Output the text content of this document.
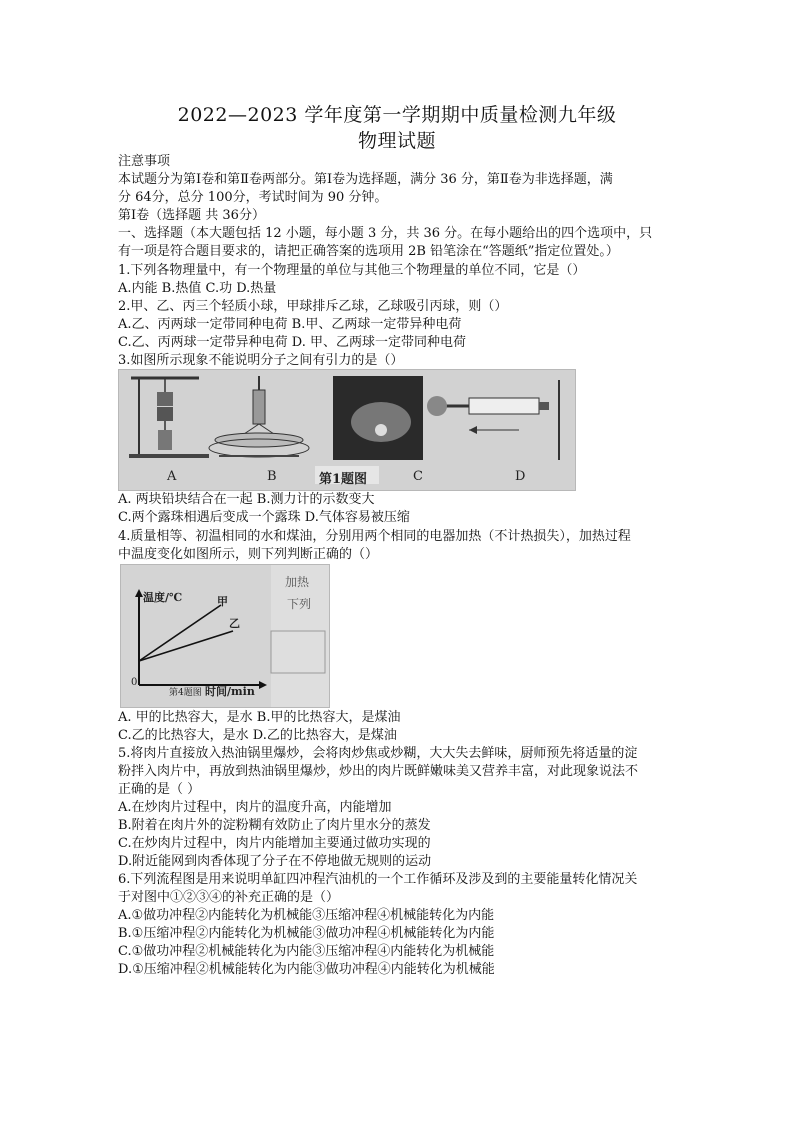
2022—2023 学年度第一学期期中质量检测九年级
物理试题
注意事项
本试题分为第Ⅰ卷和第Ⅱ卷两部分。第Ⅰ卷为选择题，满分 36 分，第Ⅱ卷为非选择题，满
分 64分，总分 100分，考试时间为 90 分钟。
第Ⅰ卷（选择题 共 36分）
一、选择题（本大题包括 12 小题，每小题 3 分，共 36 分。在每小题给出的四个选项中，只
有一项是符合题目要求的，请把正确答案的选项用 2B 铅笔涂在“答题纸”指定位置处。）
1.下列各物理量中，有一个物理量的单位与其他三个物理量的单位不同，它是（）
A.内能 B.热值 C.功 D.热量
2.甲、乙、丙三个轻质小球，甲球排斥乙球，乙球吸引丙球，则（）
A.乙、丙两球一定带同种电荷 B.甲、乙两球一定带异种电荷
C.乙、丙两球一定带异种电荷 D. 甲、乙两球一定带同种电荷
3.如图所示现象不能说明分子之间有引力的是（）
A	B	第1题图	C	D
A. 两块铅块结合在一起 B.测力计的示数变大
C.两个露珠相遇后变成一个露珠 D.气体容易被压缩
4.质量相等、初温相同的水和煤油，分别用两个相同的电器加热（不计热损失），加热过程
中温度变化如图所示，则下列判断正确的（）
温度/℃	甲
乙
0
时间/min
第4题图
加热
下列
A. 甲的比热容大，是水 B.甲的比热容大，是煤油
C.乙的比热容大，是水 D.乙的比热容大，是煤油
5.将肉片直接放入热油锅里爆炒，会将肉炒焦或炒糊，大大失去鲜味，厨师预先将适量的淀
粉拌入肉片中，再放到热油锅里爆炒，炒出的肉片既鲜嫩味美又营养丰富，对此现象说法不
正确的是（ ）
A.在炒肉片过程中，肉片的温度升高，内能增加
B.附着在肉片外的淀粉糊有效防止了肉片里水分的蒸发
C.在炒肉片过程中，肉片内能增加主要通过做功实现的
D.附近能网到肉香体现了分子在不停地做无规则的运动
6.下列流程图是用来说明单缸四冲程汽油机的一个工作循环及涉及到的主要能量转化情况关
于对图中①②③④的补充正确的是（）
A.①做功冲程②内能转化为机械能③压缩冲程④机械能转化为内能
B.①压缩冲程②内能转化为机械能③做功冲程④机械能转化为内能
C.①做功冲程②机械能转化为内能③压缩冲程④内能转化为机械能
D.①压缩冲程②机械能转化为内能③做功冲程④内能转化为机械能
